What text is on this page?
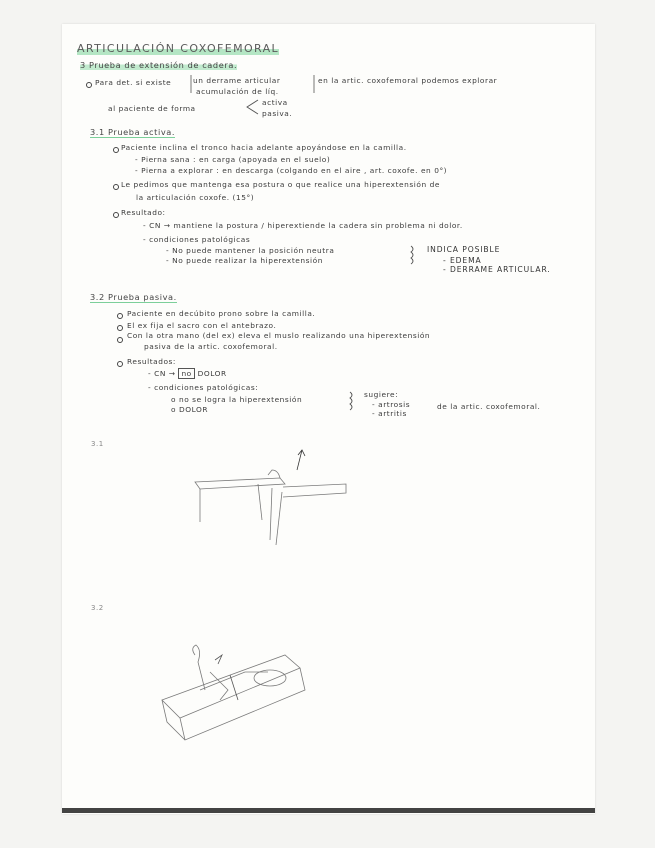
ARTICULACIÓN COXOFEMORAL
3 Prueba de extensión de cadera.
Para det. si existe	un derrame articular
acumulación de líq.
en la artic. coxofemoral podemos explorar
al paciente de forma
activa
pasiva.
3.1 Prueba activa.
Paciente inclina el tronco hacia adelante apoyándose en la camilla.
- Pierna sana : en carga (apoyada en el suelo)
- Pierna a explorar : en descarga (colgando en el aire , art. coxofe. en 0°)
Le pedimos que mantenga esa postura o que realice una hiperextensión de
la articulación coxofe. (15°)
Resultado:
- CN → mantiene la postura / hiperextiende la cadera sin problema ni dolor.
- condiciones patológicas
- No puede mantener la posición neutra
- No puede realizar la hiperextensión
INDICA POSIBLE
- EDEMA
- DERRAME ARTICULAR.
3.2 Prueba pasiva.
Paciente en decúbito prono sobre la camilla.
El ex fija el sacro con el antebrazo.
Con la otra mano (del ex) eleva el muslo realizando una hiperextensión
pasiva de la artic. coxofemoral.
Resultados:
- CN → no DOLOR
- condiciones patológicas:
o no se logra la hiperextensión
o DOLOR
sugiere:
- artrosis
- artritis
de la artic. coxofemoral.
3.1
3.2
